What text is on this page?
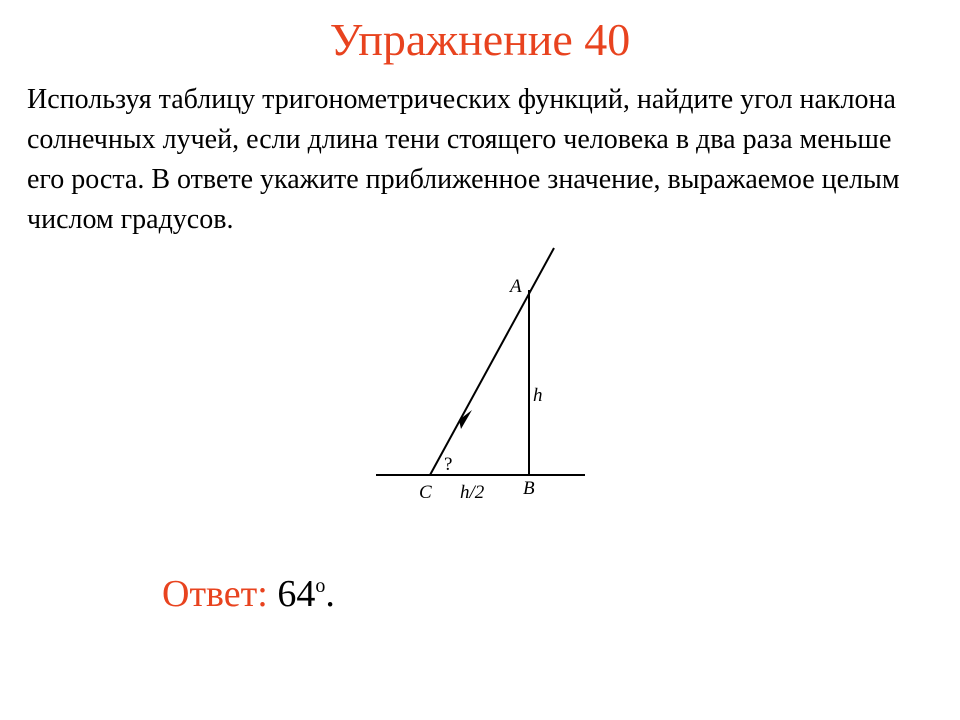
Упражнение 40

Используя таблицу тригонометрических функций, найдите угол наклона солнечных лучей, если длина тени стоящего человека в два раза меньше его роста. В ответе укажите приближенное значение, выражаемое целым числом градусов.

A
h
?
C h/2 B
Ответ: 64$^o$.
